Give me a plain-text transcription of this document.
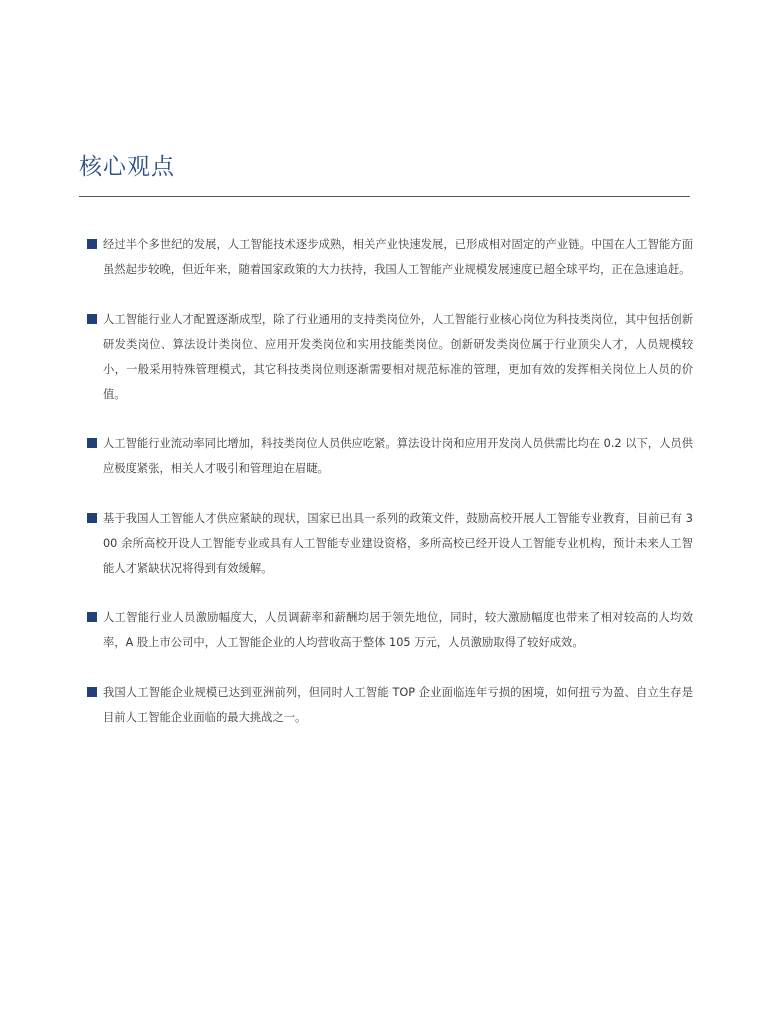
核心观点
经过半个多世纪的发展，人工智能技术逐步成熟，相关产业快速发展，已形成相对固定的产业链。中国在人工智能方面虽然起步较晚，但近年来，随着国家政策的大力扶持，我国人工智能产业规模发展速度已超全球平均，正在急速追赶。
人工智能行业人才配置逐渐成型，除了行业通用的支持类岗位外，人工智能行业核心岗位为科技类岗位，其中包括创新研发类岗位、算法设计类岗位、应用开发类岗位和实用技能类岗位。创新研发类岗位属于行业顶尖人才，人员规模较小，一般采用特殊管理模式，其它科技类岗位则逐渐需要相对规范标准的管理，更加有效的发挥相关岗位上人员的价值。
人工智能行业流动率同比增加，科技类岗位人员供应吃紧。算法设计岗和应用开发岗人员供需比均在 0.2 以下，人员供应极度紧张，相关人才吸引和管理迫在眉睫。
基于我国人工智能人才供应紧缺的现状，国家已出具一系列的政策文件，鼓励高校开展人工智能专业教育，目前已有 300 余所高校开设人工智能专业或具有人工智能专业建设资格，多所高校已经开设人工智能专业机构，预计未来人工智能人才紧缺状况将得到有效缓解。
人工智能行业人员激励幅度大，人员调薪率和薪酬均居于领先地位，同时，较大激励幅度也带来了相对较高的人均效率，A 股上市公司中，人工智能企业的人均营收高于整体 105 万元，人员激励取得了较好成效。
我国人工智能企业规模已达到亚洲前列，但同时人工智能 TOP 企业面临连年亏损的困境，如何扭亏为盈、自立生存是目前人工智能企业面临的最大挑战之一。
